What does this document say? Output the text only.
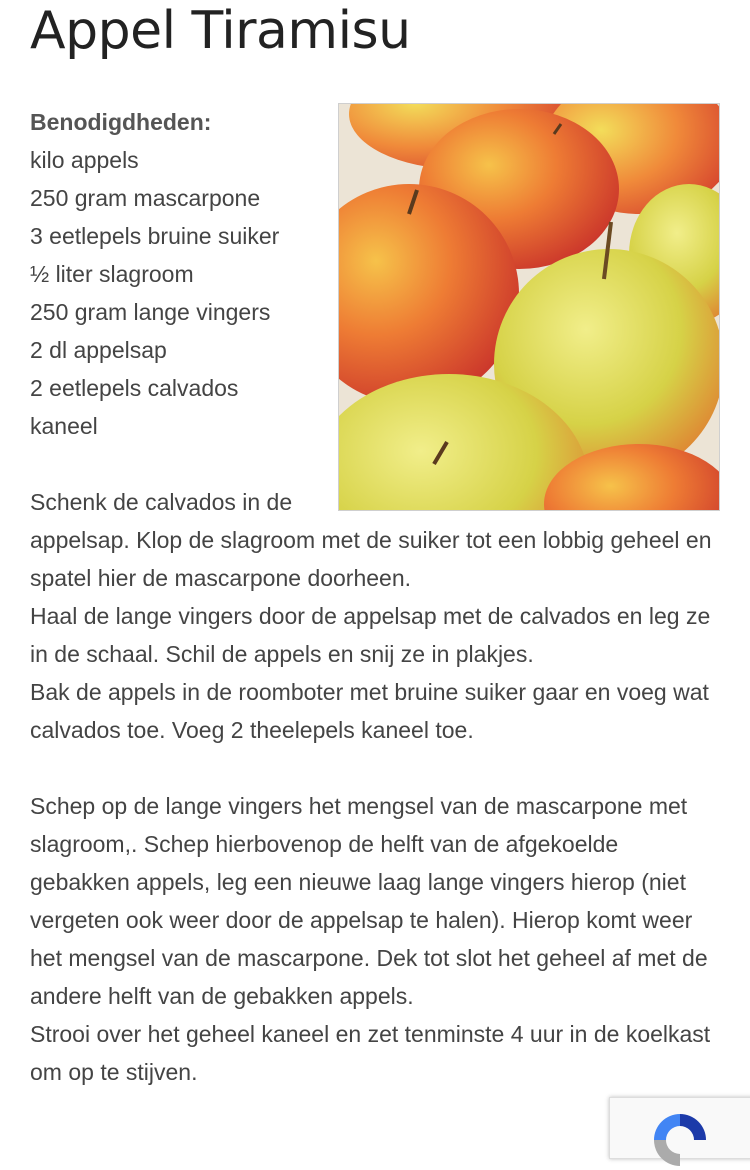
Appel Tiramisu
Benodigdheden:
kilo appels
250 gram mascarpone
3 eetlepels bruine suiker
½ liter slagroom
250 gram lange vingers
2 dl appelsap
2 eetlepels calvados
kaneel

Schenk de calvados in de appelsap. Klop de slagroom met de suiker tot een lobbig geheel en spatel hier de mascarpone doorheen.

Haal de lange vingers door de appelsap met de calvados en leg ze in de schaal. Schil de appels en snij ze in plakjes.

Bak de appels in de roomboter met bruine suiker gaar en voeg wat calvados toe. Voeg 2 theelepels kaneel toe.

Schep op de lange vingers het mengsel van de mascarpone met slagroom,. Schep hierbovenop de helft van de afgekoelde gebakken appels, leg een nieuwe laag lange vingers hierop (niet vergeten ook weer door de appelsap te halen). Hierop komt weer het mengsel van de mascarpone. Dek tot slot het geheel af met de andere helft van de gebakken appels.

Strooi over het geheel kaneel en zet tenminste 4 uur in de koelkast om op te stijven.
